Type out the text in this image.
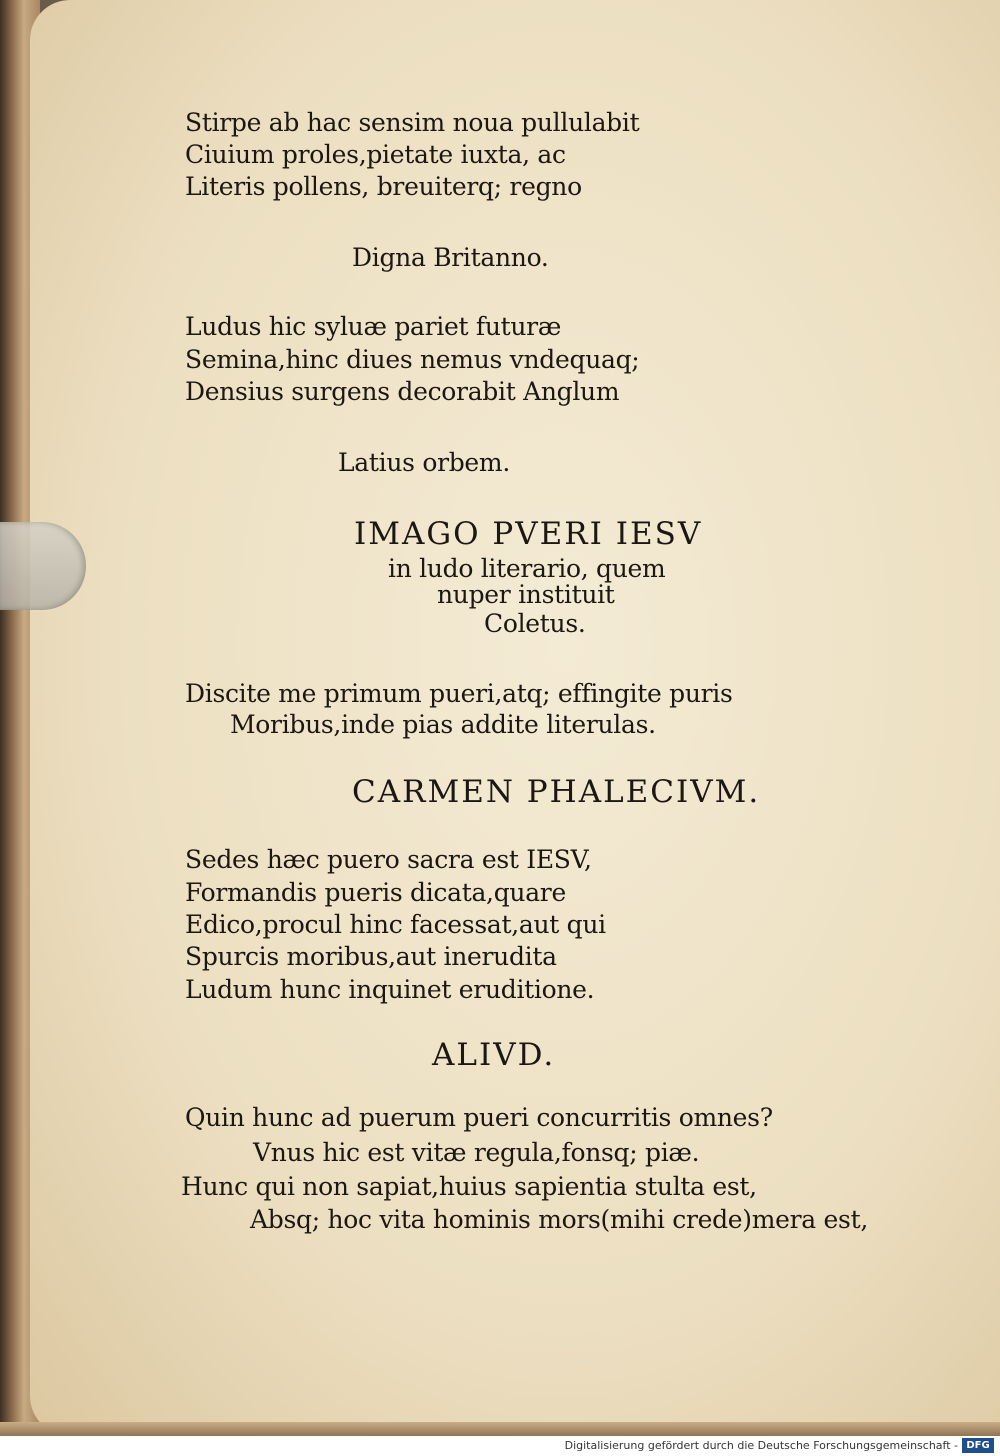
Stirpe ab hac sensim noua pullulabit
Ciuium proles,pietate iuxta, ac
Literis pollens, breuiterq; regno
Digna Britanno.
Ludus hic syluæ pariet futuræ
Semina,hinc diues nemus vndequaq;
Densius surgens decorabit Anglum
Latius orbem.
in ludo literario, quem
nuper instituit
Coletus.
Discite me primum pueri,atq; effingite puris
Moribus,inde pias addite literulas.
Sedes hæc puero sacra est IESV,
Formandis pueris dicata,quare
Edico,procul hinc facessat,aut qui
Spurcis moribus,aut inerudita
Ludum hunc inquinet eruditione.
Quin hunc ad puerum pueri concurritis omnes?
Vnus hic est vitæ regula,fonsq; piæ.
Hunc qui non sapiat,huius sapientia stulta est,
Absq; hoc vita hominis mors(mihi crede)mera est,
IMAGO PVERI IESV
CARMEN PHALECIVM.
ALIVD.
Digitalisierung gefördert durch die Deutsche Forschungsgemeinschaft - DFG
